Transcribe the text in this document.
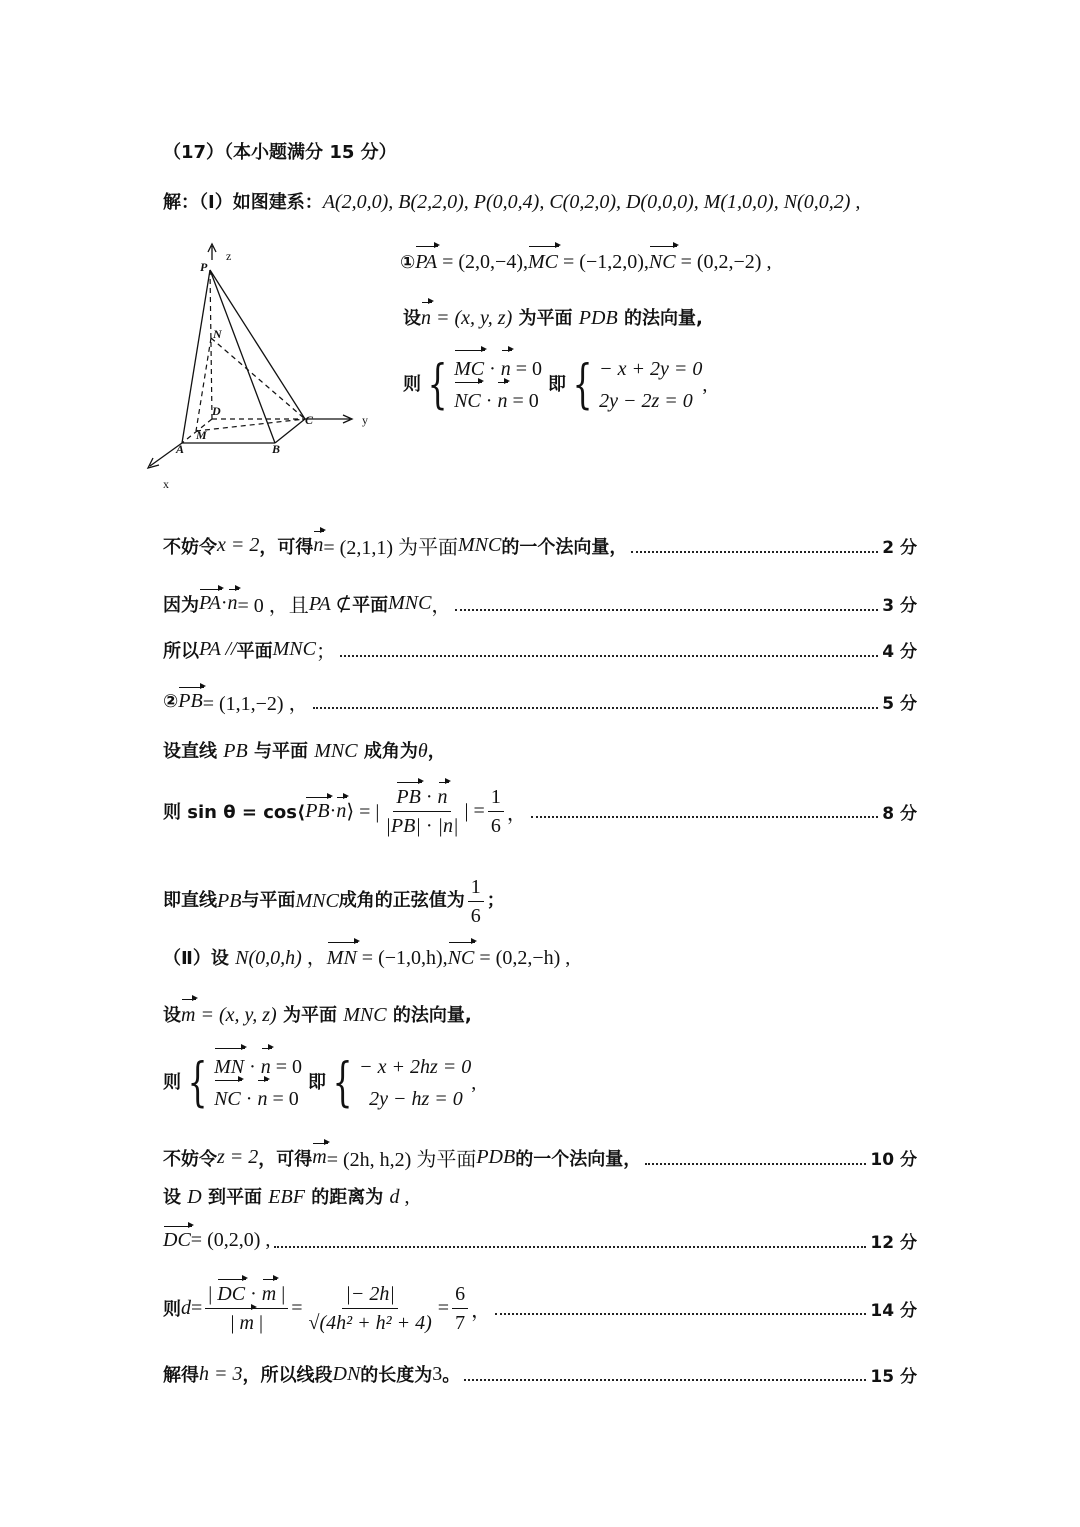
（17）（本小题满分 15 分）
解：（Ⅰ）如图建系：A(2,0,0), B(2,2,0), P(0,0,4), C(0,2,0), D(0,0,0), M(1,0,0), N(0,0,2) ,
z
P
N
D
C
M
A	B
y
x
①PA = (2,0,−4),MC = (−1,2,0),NC = (0,2,−2) ,
设n = (x, y, z) 为平面 PDB 的法向量,
则 { MC · n = 0
NC · n = 0
即 { − x + 2y = 0
2y − 2z = 0
,
不妨令 x = 2 ，可得 n = (2,1,1) 为平面 MNC 的一个法向量，	2 分
因为 PA · n = 0 ，且 PA ⊄ 平面 MNC ，	3 分
所以 PA // 平面 MNC ；	4 分
② PB = (1,1,−2) ，	5 分
设直线 PB 与平面 MNC 成角为θ，
则 sin θ = cos⟨ PB · n ⟩ = | $\frac{PB \cdot n}{|PB| \cdot |n|}$ | = $\frac{1}{6}$ ，	8 分
即直线 PB 与平面 MNC 成角的正弦值为 $\frac{1}{6}$ ；
（Ⅱ）设 N(0,0,h) ，MN = (−1,0,h),NC = (0,2,−h) ,
设m = (x, y, z) 为平面 MNC 的法向量,
则 { MN · n = 0
NC · n = 0
即 { − x + 2hz = 0
2y − hz = 0
,
不妨令 z = 2 ，可得 m = (2h, h,2) 为平面 PDB 的一个法向量，	10 分
设 D 到平面 EBF 的距离为 d ,
DC = (0,2,0) ,	12 分
则 $d = \frac{| DC \cdot m |}{| m |} = \frac{|- 2h|}{\text{√(4h² + h² + 4)}} = \frac{6}{7}$ ，	14 分
解得 h = 3 ，所以线段 DN 的长度为 3 。	15 分
